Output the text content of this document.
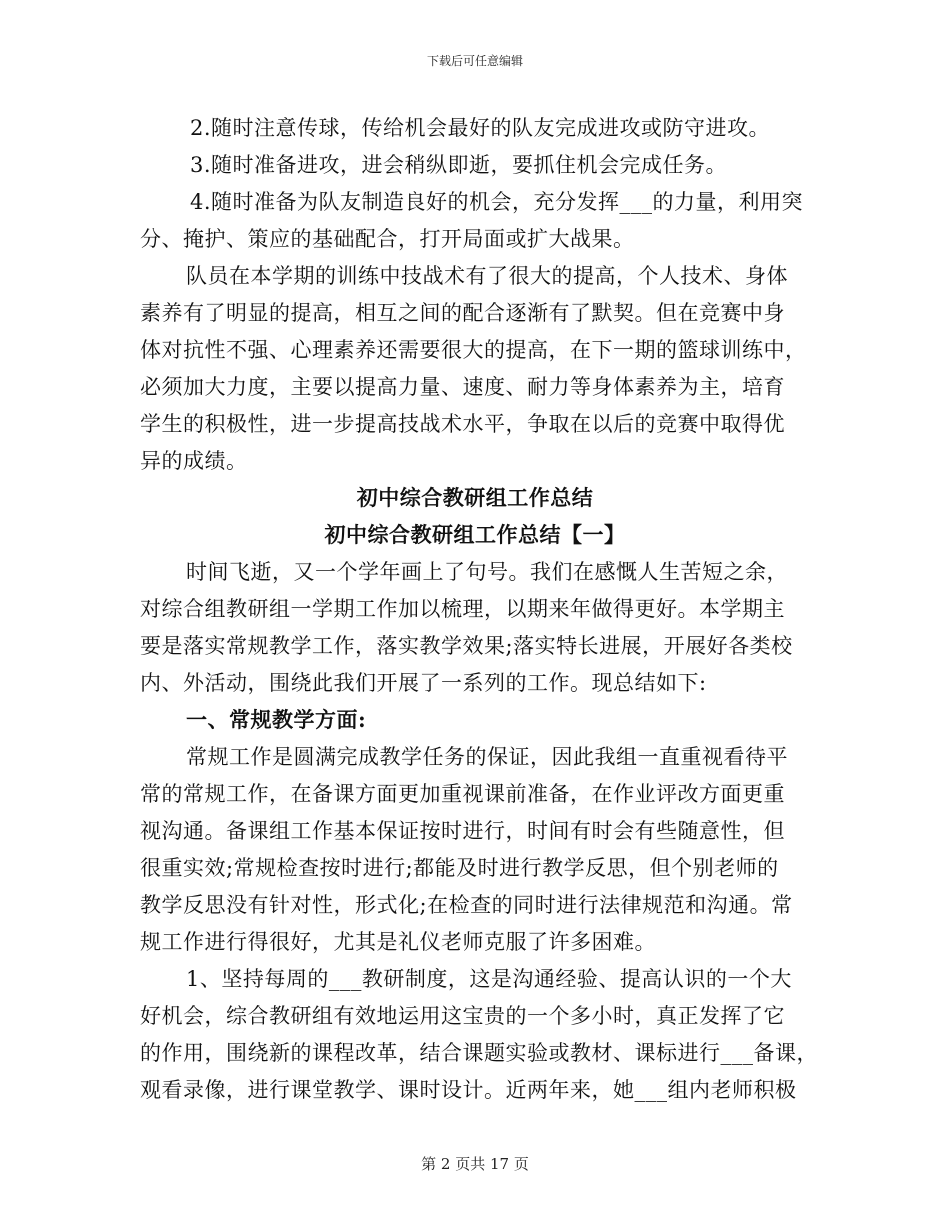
下载后可任意编辑
2.随时注意传球，传给机会最好的队友完成进攻或防守进攻。
3.随时准备进攻，进会稍纵即逝，要抓住机会完成任务。
4.随时准备为队友制造良好的机会，充分发挥___的力量，利用突
分、掩护、策应的基础配合，打开局面或扩大战果。
队员在本学期的训练中技战术有了很大的提高，个人技术、身体
素养有了明显的提高，相互之间的配合逐渐有了默契。但在竞赛中身
体对抗性不强、心理素养还需要很大的提高，在下一期的篮球训练中，
必须加大力度，主要以提高力量、速度、耐力等身体素养为主，培育
学生的积极性，进一步提高技战术水平，争取在以后的竞赛中取得优
异的成绩。
初中综合教研组工作总结
初中综合教研组工作总结【一】
时间飞逝，又一个学年画上了句号。我们在感慨人生苦短之余，
对综合组教研组一学期工作加以梳理，以期来年做得更好。本学期主
要是落实常规教学工作，落实教学效果;落实特长进展，开展好各类校
内、外活动，围绕此我们开展了一系列的工作。现总结如下:
一、常规教学方面:
常规工作是圆满完成教学任务的保证，因此我组一直重视看待平
常的常规工作，在备课方面更加重视课前准备，在作业评改方面更重
视沟通。备课组工作基本保证按时进行，时间有时会有些随意性，但
很重实效;常规检查按时进行;都能及时进行教学反思，但个别老师的
教学反思没有针对性，形式化;在检查的同时进行法律规范和沟通。常
规工作进行得很好，尤其是礼仪老师克服了许多困难。
1、坚持每周的___教研制度，这是沟通经验、提高认识的一个大
好机会，综合教研组有效地运用这宝贵的一个多小时，真正发挥了它
的作用，围绕新的课程改革，结合课题实验或教材、课标进行___备课，
观看录像，进行课堂教学、课时设计。近两年来，她___组内老师积极
第 2 页共 17 页
